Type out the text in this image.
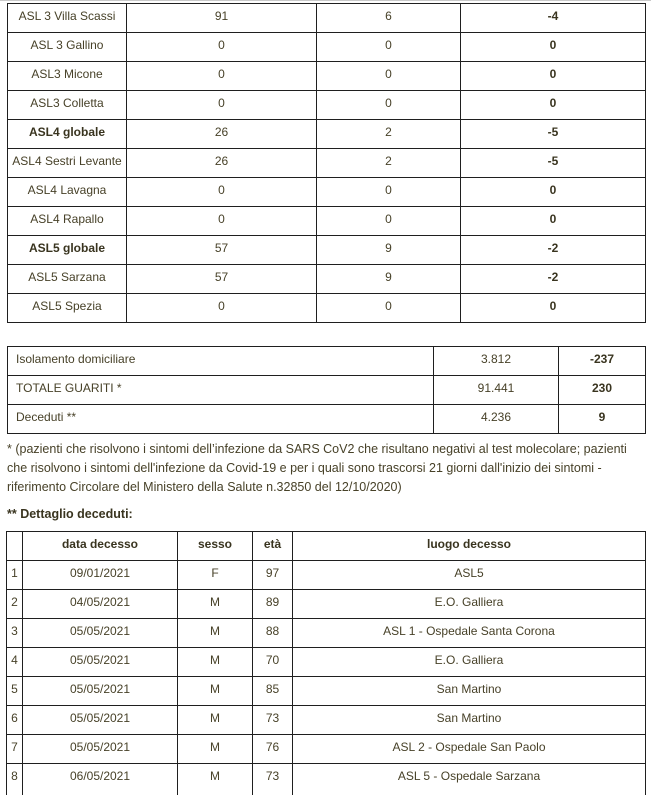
ASL 3 Villa Scassi	91	6	-4
ASL 3 Gallino	0	0	0
ASL3 Micone	0	0	0
ASL3 Colletta	0	0	0
ASL4 globale	26	2	-5
ASL4 Sestri Levante	26	2	-5
ASL4 Lavagna	0	0	0
ASL4 Rapallo	0	0	0
ASL5 globale	57	9	-2
ASL5 Sarzana	57	9	-2
ASL5 Spezia	0	0	0
Isolamento domiciliare	3.812	-237
TOTALE GUARITI *	91.441	230
Deceduti **	4.236	9
* (pazienti che risolvono i sintomi dell’infezione da SARS CoV2 che risultano negativi al test molecolare; pazienti che risolvono i sintomi dell'infezione da Covid-19 e per i quali sono trascorsi 21 giorni dall'inizio dei sintomi - riferimento Circolare del Ministero della Salute n.32850 del 12/10/2020)
** Dettaglio deceduti:
	data decesso	sesso	età	luogo decesso
1	09/01/2021	F	97	ASL5
2	04/05/2021	M	89	E.O. Galliera
3	05/05/2021	M	88	ASL 1 - Ospedale Santa Corona
4	05/05/2021	M	70	E.O. Galliera
5	05/05/2021	M	85	San Martino
6	05/05/2021	M	73	San Martino
7	05/05/2021	M	76	ASL 2 - Ospedale San Paolo
8	06/05/2021	M	73	ASL 5 - Ospedale Sarzana
